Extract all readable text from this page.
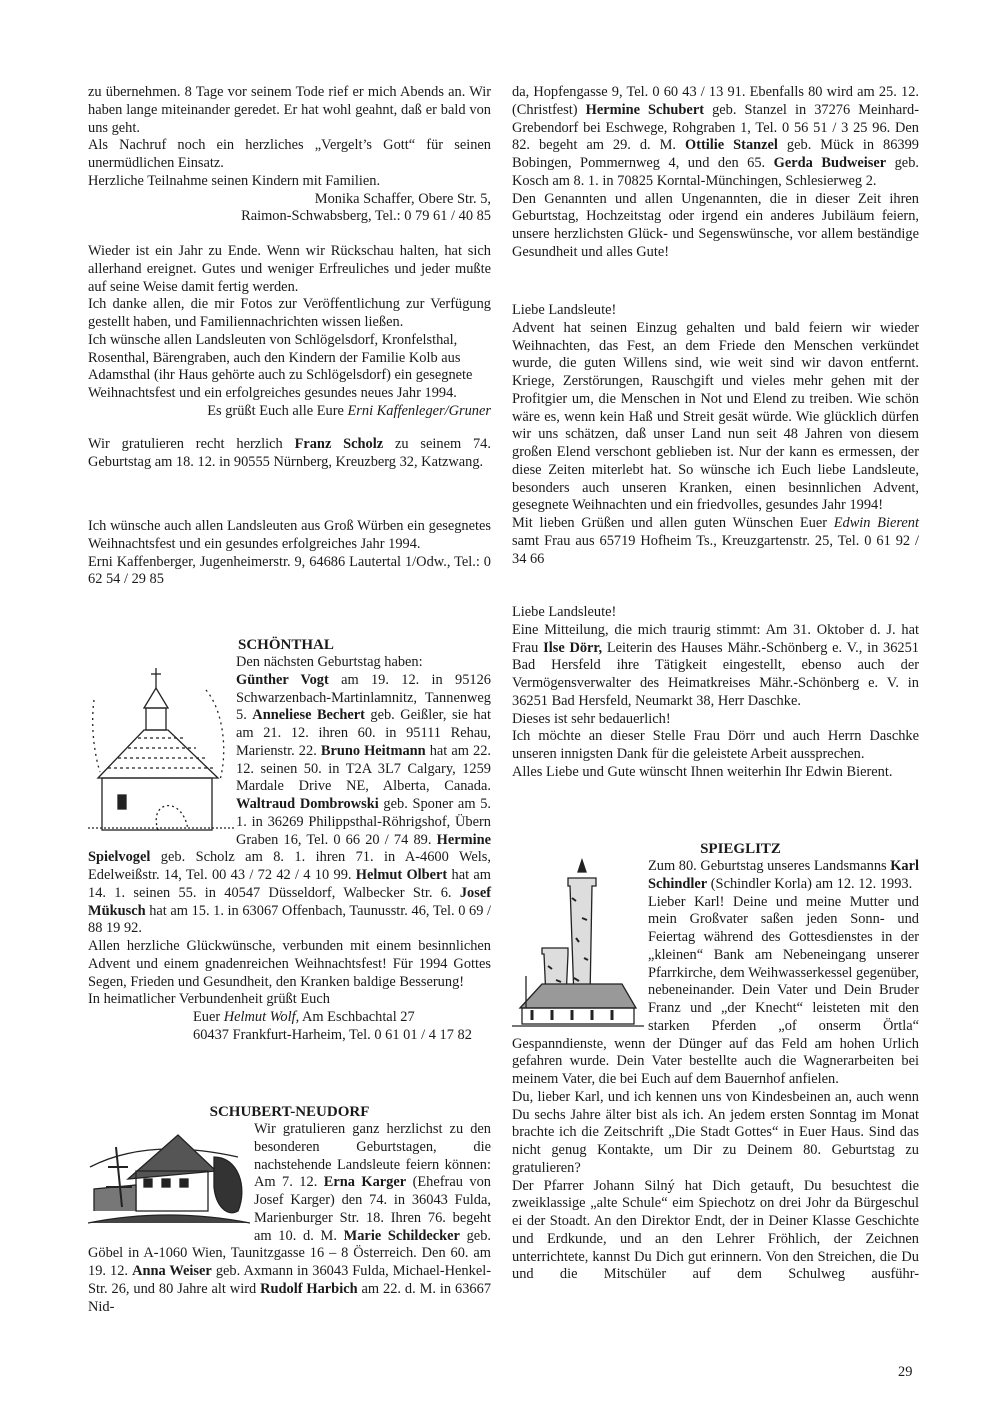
zu übernehmen. 8 Tage vor seinem Tode rief er mich Abends an. Wir haben lange miteinander geredet. Er hat wohl geahnt, daß er bald von uns geht.

Als Nachruf noch ein herzliches „Vergelt’s Gott“ für seinen unermüdlichen Einsatz.

Herzliche Teilnahme seinen Kindern mit Familien.

Monika Schaffer, Obere Str. 5,

Raimon-Schwabsberg, Tel.: 0 79 61 / 40 85

Wieder ist ein Jahr zu Ende. Wenn wir Rückschau halten, hat sich allerhand ereignet. Gutes und weniger Erfreuliches und jeder mußte auf seine Weise damit fertig werden.

Ich danke allen, die mir Fotos zur Veröffentlichung zur Verfügung gestellt haben, und Familiennachrichten wissen ließen.

Ich wünsche allen Landsleuten von Schlögelsdorf, Kronfelsthal, Rosenthal, Bärengraben, auch den Kindern der Familie Kolb aus Adamsthal (ihr Haus gehörte auch zu Schlögelsdorf) ein gesegnete Weihnachtsfest und ein erfolgreiches gesundes neues Jahr 1994.
Es grüßt Euch alle Eure Erni Kaffenleger/Gruner

Wir gratulieren recht herzlich Franz Scholz zu seinem 74. Geburtstag am 18. 12. in 90555 Nürnberg, Kreuzberg 32, Katzwang.

Ich wünsche auch allen Landsleuten aus Groß Würben ein gesegnetes Weihnachtsfest und ein gesundes erfolgreiches Jahr 1994.

Erni Kaffenberger, Jugenheimerstr. 9, 64686 Lautertal 1/Odw., Tel.: 0 62 54 / 29 85

SCHÖNTHAL

Den nächsten Geburtstag haben:

Günther Vogt am 19. 12. in 95126 Schwarzenbach-Martinlamnitz, Tannenweg 5. Anneliese Bechert geb. Geißler, sie hat am 21. 12. ihren 60. in 95111 Rehau, Marienstr. 22. Bruno Heitmann hat am 22. 12. seinen 50. in T2A 3L7 Calgary, 1259 Mardale Drive NE, Alberta, Canada. Waltraud Dombrowski geb. Sponer am 5. 1. in 36269 Philippsthal-Röhrigshof, Übern Graben 16, Tel. 0 66 20 / 74 89. Hermine Spielvogel geb. Scholz am 8. 1. ihren 71. in A-4600 Wels, Edelweißstr. 14, Tel. 00 43 / 72 42 / 4 10 99. Helmut Olbert hat am 14. 1. seinen 55. in 40547 Düsseldorf, Walbecker Str. 6. Josef Mükusch hat am 15. 1. in 63067 Offenbach, Taunusstr. 46, Tel. 0 69 / 88 19 92.

Allen herzliche Glückwünsche, verbunden mit einem besinnlichen Advent und einem gnadenreichen Weihnachtsfest! Für 1994 Gottes Segen, Frieden und Gesundheit, den Kranken baldige Besserung!

In heimatlicher Verbundenheit grüßt Euch

Euer Helmut Wolf, Am Eschbachtal 27

60437 Frankfurt-Harheim, Tel. 0 61 01 / 4 17 82

SCHUBERT-NEUDORF

Wir gratulieren ganz herzlichst zu den besonderen Geburtstagen, die nachstehende Landsleute feiern können: Am 7. 12. Erna Karger (Ehefrau von Josef Karger) den 74. in 36043 Fulda, Marienburger Str. 18. Ihren 76. begeht am 10. d. M. Marie Schildecker geb. Göbel in A-1060 Wien, Taunitzgasse 16 – 8 Österreich. Den 60. am 19. 12. Anna Weiser geb. Axmann in 36043 Fulda, Michael-Henkel-Str. 26, und 80 Jahre alt wird Rudolf Harbich am 22. d. M. in 63667 Nid-

da, Hopfengasse 9, Tel. 0 60 43 / 13 91. Ebenfalls 80 wird am 25. 12. (Christfest) Hermine Schubert geb. Stanzel in 37276 Meinhard-Grebendorf bei Eschwege, Rohgraben 1, Tel. 0 56 51 / 3 25 96. Den 82. begeht am 29. d. M. Ottilie Stanzel geb. Mück in 86399 Bobingen, Pommernweg 4, und den 65. Gerda Budweiser geb. Kosch am 8. 1. in 70825 Korntal-Münchingen, Schlesierweg 2.

Den Genannten und allen Ungenannten, die in dieser Zeit ihren Geburtstag, Hochzeitstag oder irgend ein anderes Jubiläum feiern, unsere herzlichsten Glück- und Segenswünsche, vor allem beständige Gesundheit und alles Gute!

Liebe Landsleute!

Advent hat seinen Einzug gehalten und bald feiern wir wieder Weihnachten, das Fest, an dem Friede den Menschen verkündet wurde, die guten Willens sind, wie weit sind wir davon entfernt. Kriege, Zerstörungen, Rauschgift und vieles mehr gehen mit der Profitgier um, die Menschen in Not und Elend zu treiben. Wie schön wäre es, wenn kein Haß und Streit gesät würde. Wie glücklich dürfen wir uns schätzen, daß unser Land nun seit 48 Jahren von diesem großen Elend verschont geblieben ist. Nur der kann es ermessen, der diese Zeiten miterlebt hat. So wünsche ich Euch liebe Landsleute, besonders auch unseren Kranken, einen besinnlichen Advent, gesegnete Weihnachten und ein friedvolles, gesundes Jahr 1994!

Mit lieben Grüßen und allen guten Wünschen Euer Edwin Bierent samt Frau aus 65719 Hofheim Ts., Kreuzgartenstr. 25, Tel. 0 61 92 / 34 66

Liebe Landsleute!

Eine Mitteilung, die mich traurig stimmt: Am 31. Oktober d. J. hat Frau Ilse Dörr, Leiterin des Hauses Mähr.-Schönberg e. V., in 36251 Bad Hersfeld ihre Tätigkeit eingestellt, ebenso auch der Vermögensverwalter des Heimatkreises Mähr.-Schönberg e. V. in 36251 Bad Hersfeld, Neumarkt 38, Herr Daschke.

Dieses ist sehr bedauerlich!

Ich möchte an dieser Stelle Frau Dörr und auch Herrn Daschke unseren innigsten Dank für die geleistete Arbeit aussprechen.

Alles Liebe und Gute wünscht Ihnen weiterhin Ihr Edwin Bierent.

SPIEGLITZ

Zum 80. Geburtstag unseres Landsmanns Karl Schindler (Schindler Korla) am 12. 12. 1993.

Lieber Karl! Deine und meine Mutter und mein Großvater saßen jeden Sonn- und Feiertag während des Gottesdienstes in der „kleinen“ Bank am Nebeneingang unserer Pfarrkirche, dem Weihwasserkessel gegenüber, nebeneinander. Dein Vater und Dein Bruder Franz und „der Knecht“ leisteten mit den starken Pferden „of onserm Örtla“ Gespanndienste, wenn der Dünger auf das Feld am hohen Urlich gefahren wurde. Dein Vater bestellte auch die Wagnerarbeiten bei meinem Vater, die bei Euch auf dem Bauernhof anfielen.

Du, lieber Karl, und ich kennen uns von Kindesbeinen an, auch wenn Du sechs Jahre älter bist als ich. An jedem ersten Sonntag im Monat brachte ich die Zeitschrift „Die Stadt Gottes“ in Euer Haus. Sind das nicht genug Kontakte, um Dir zu Deinem 80. Geburtstag zu gratulieren?

Der Pfarrer Johann Silný hat Dich getauft, Du besuchtest die zweiklassige „alte Schule“ eim Spiechotz on drei Johr da Bürgeschul ei der Stoadt. An den Direktor Endt, der in Deiner Klasse Geschichte und Erdkunde, und an den Lehrer Fröhlich, der Zeichnen unterrichtete, kannst Du Dich gut erinnern. Von den Streichen, die Du und die Mitschüler auf dem Schulweg ausführ-

29
